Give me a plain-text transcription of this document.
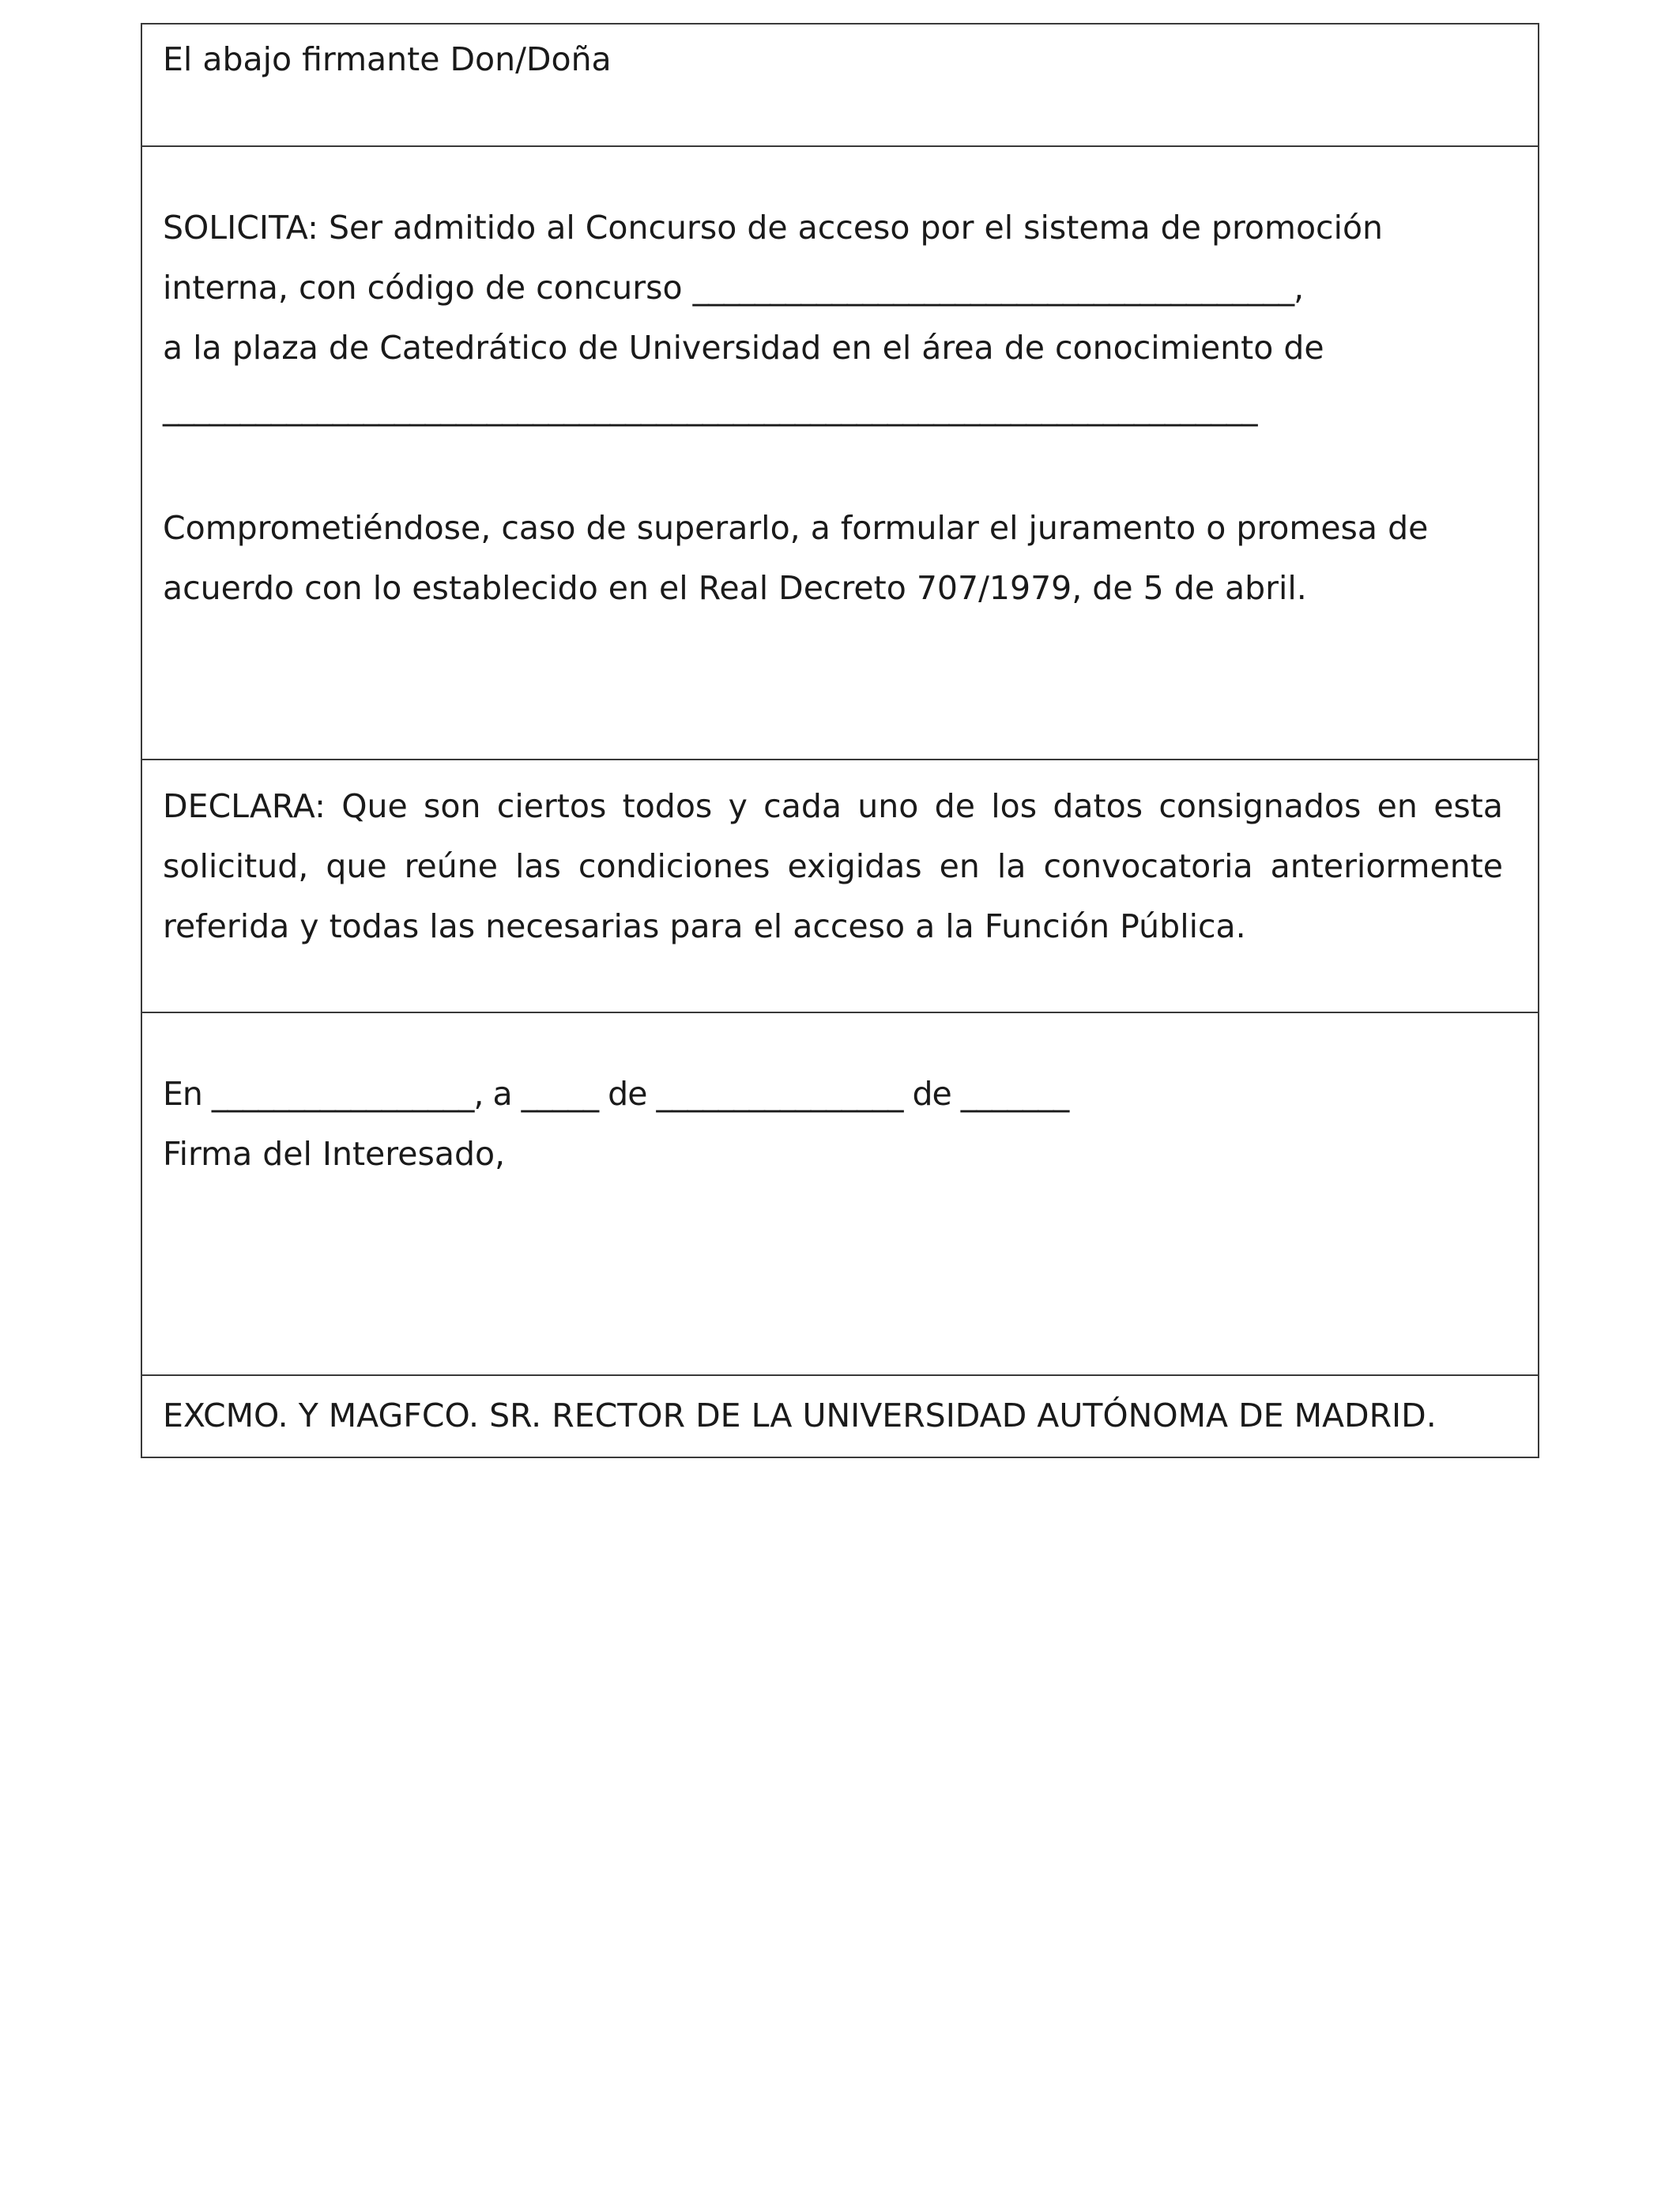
El abajo firmante Don/Doña
SOLICITA: Ser admitido al Concurso de acceso por el sistema de promoción
interna, con código de concurso _______________________________________,
a la plaza de Catedrático de Universidad en el área de conocimiento de
_______________________________________________________________________
Comprometiéndose, caso de superarlo, a formular el juramento o promesa de
acuerdo con lo establecido en el Real Decreto 707/1979, de 5 de abril.
DECLARA: Que son ciertos todos y cada uno de los datos consignados en esta solicitud, que reúne las condiciones exigidas en la convocatoria anteriormente referida y todas las necesarias para el acceso a la Función Pública.
En _________________, a _____ de ________________ de _______
Firma del Interesado,
EXCMO. Y MAGFCO. SR. RECTOR DE LA UNIVERSIDAD AUTÓNOMA DE MADRID.
